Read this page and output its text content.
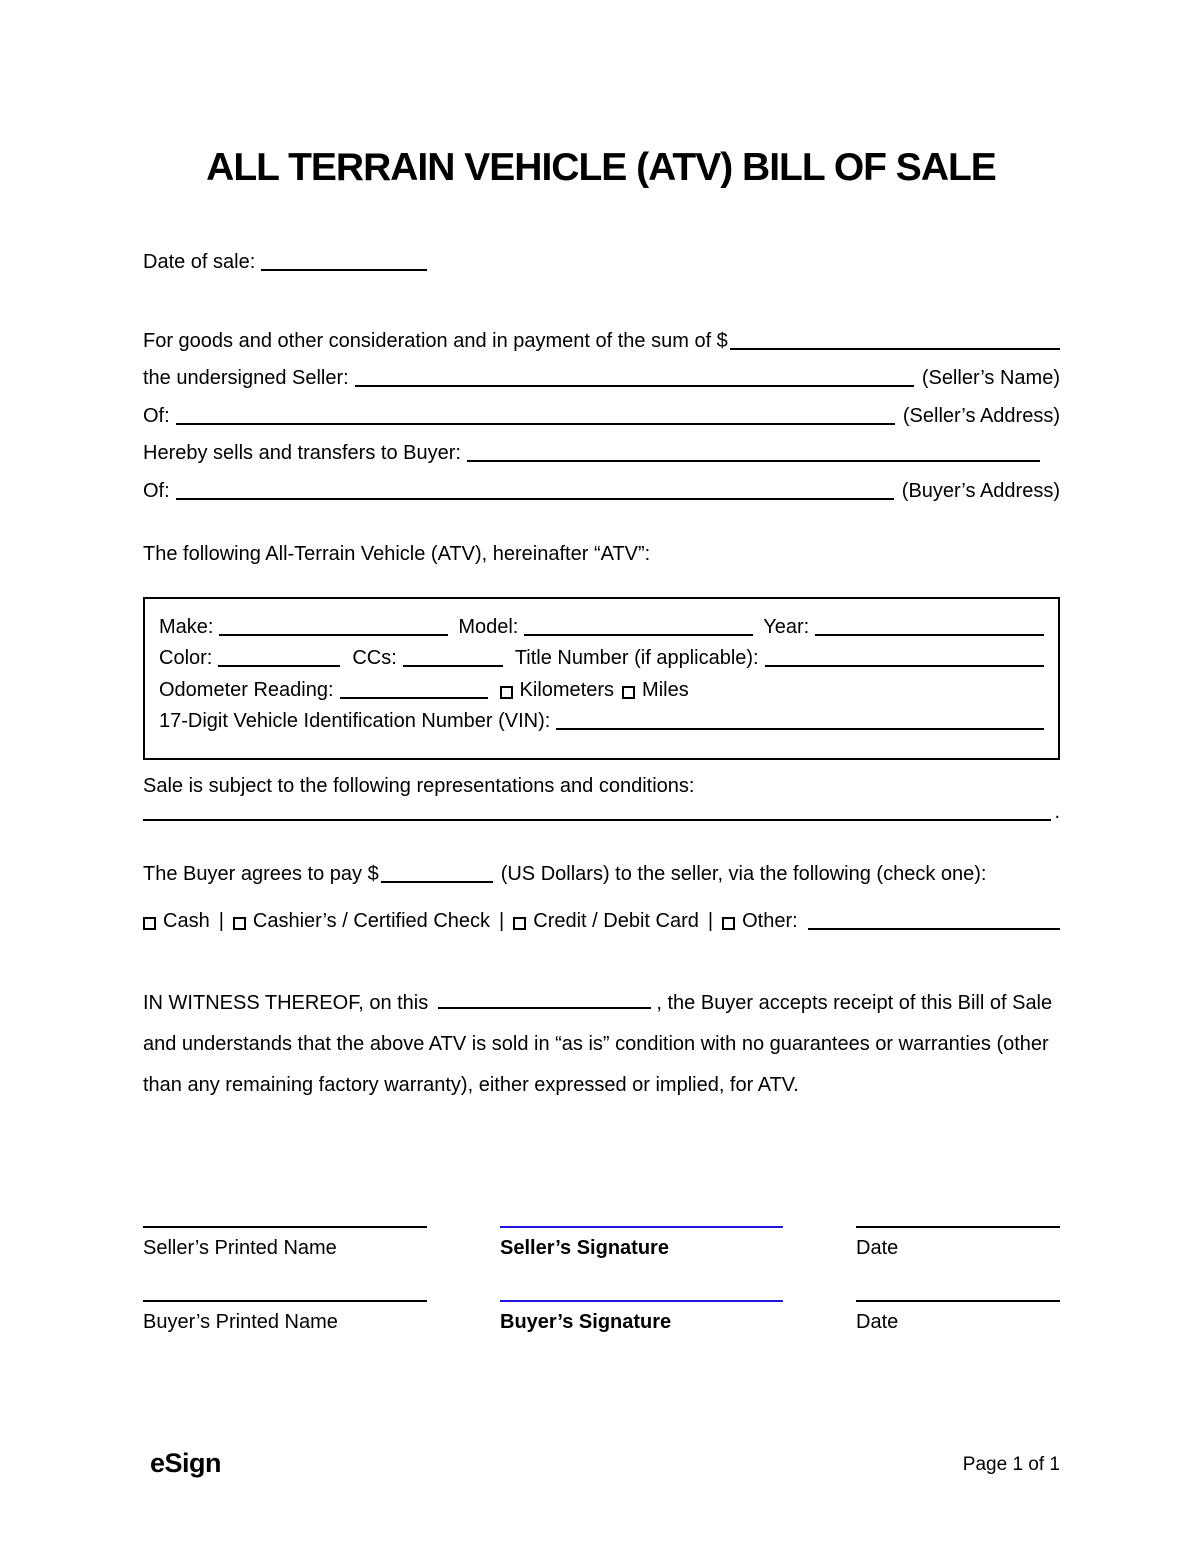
ALL TERRAIN VEHICLE (ATV) BILL OF SALE
Date of sale:
For goods and other consideration and in payment of the sum of $
the undersigned Seller:	(Seller’s Name)
Of:	(Seller’s Address)
Hereby sells and transfers to Buyer:
Of:	(Buyer’s Address)
The following All-Terrain Vehicle (ATV), hereinafter “ATV”:
Make:	Model:	Year:
Color:	CCs:	Title Number (if applicable):
Odometer Reading:	Kilometers Miles
17-Digit Vehicle Identification Number (VIN):
Sale is subject to the following representations and conditions:
.
The Buyer agrees to pay $	(US Dollars) to the seller, via the following (check one):
Cash | Cashier’s / Certified Check | Credit / Debit Card | Other:
IN WITNESS THEREOF, on this	, the Buyer accepts receipt of this Bill of Sale and understands that the above ATV is sold in “as is” condition with no guarantees or warranties (other than any remaining factory warranty), either expressed or implied, for ATV.
Seller’s Printed Name	Seller’s Signature	Date
Buyer’s Printed Name	Buyer’s Signature	Date
eSign	Page 1 of 1
